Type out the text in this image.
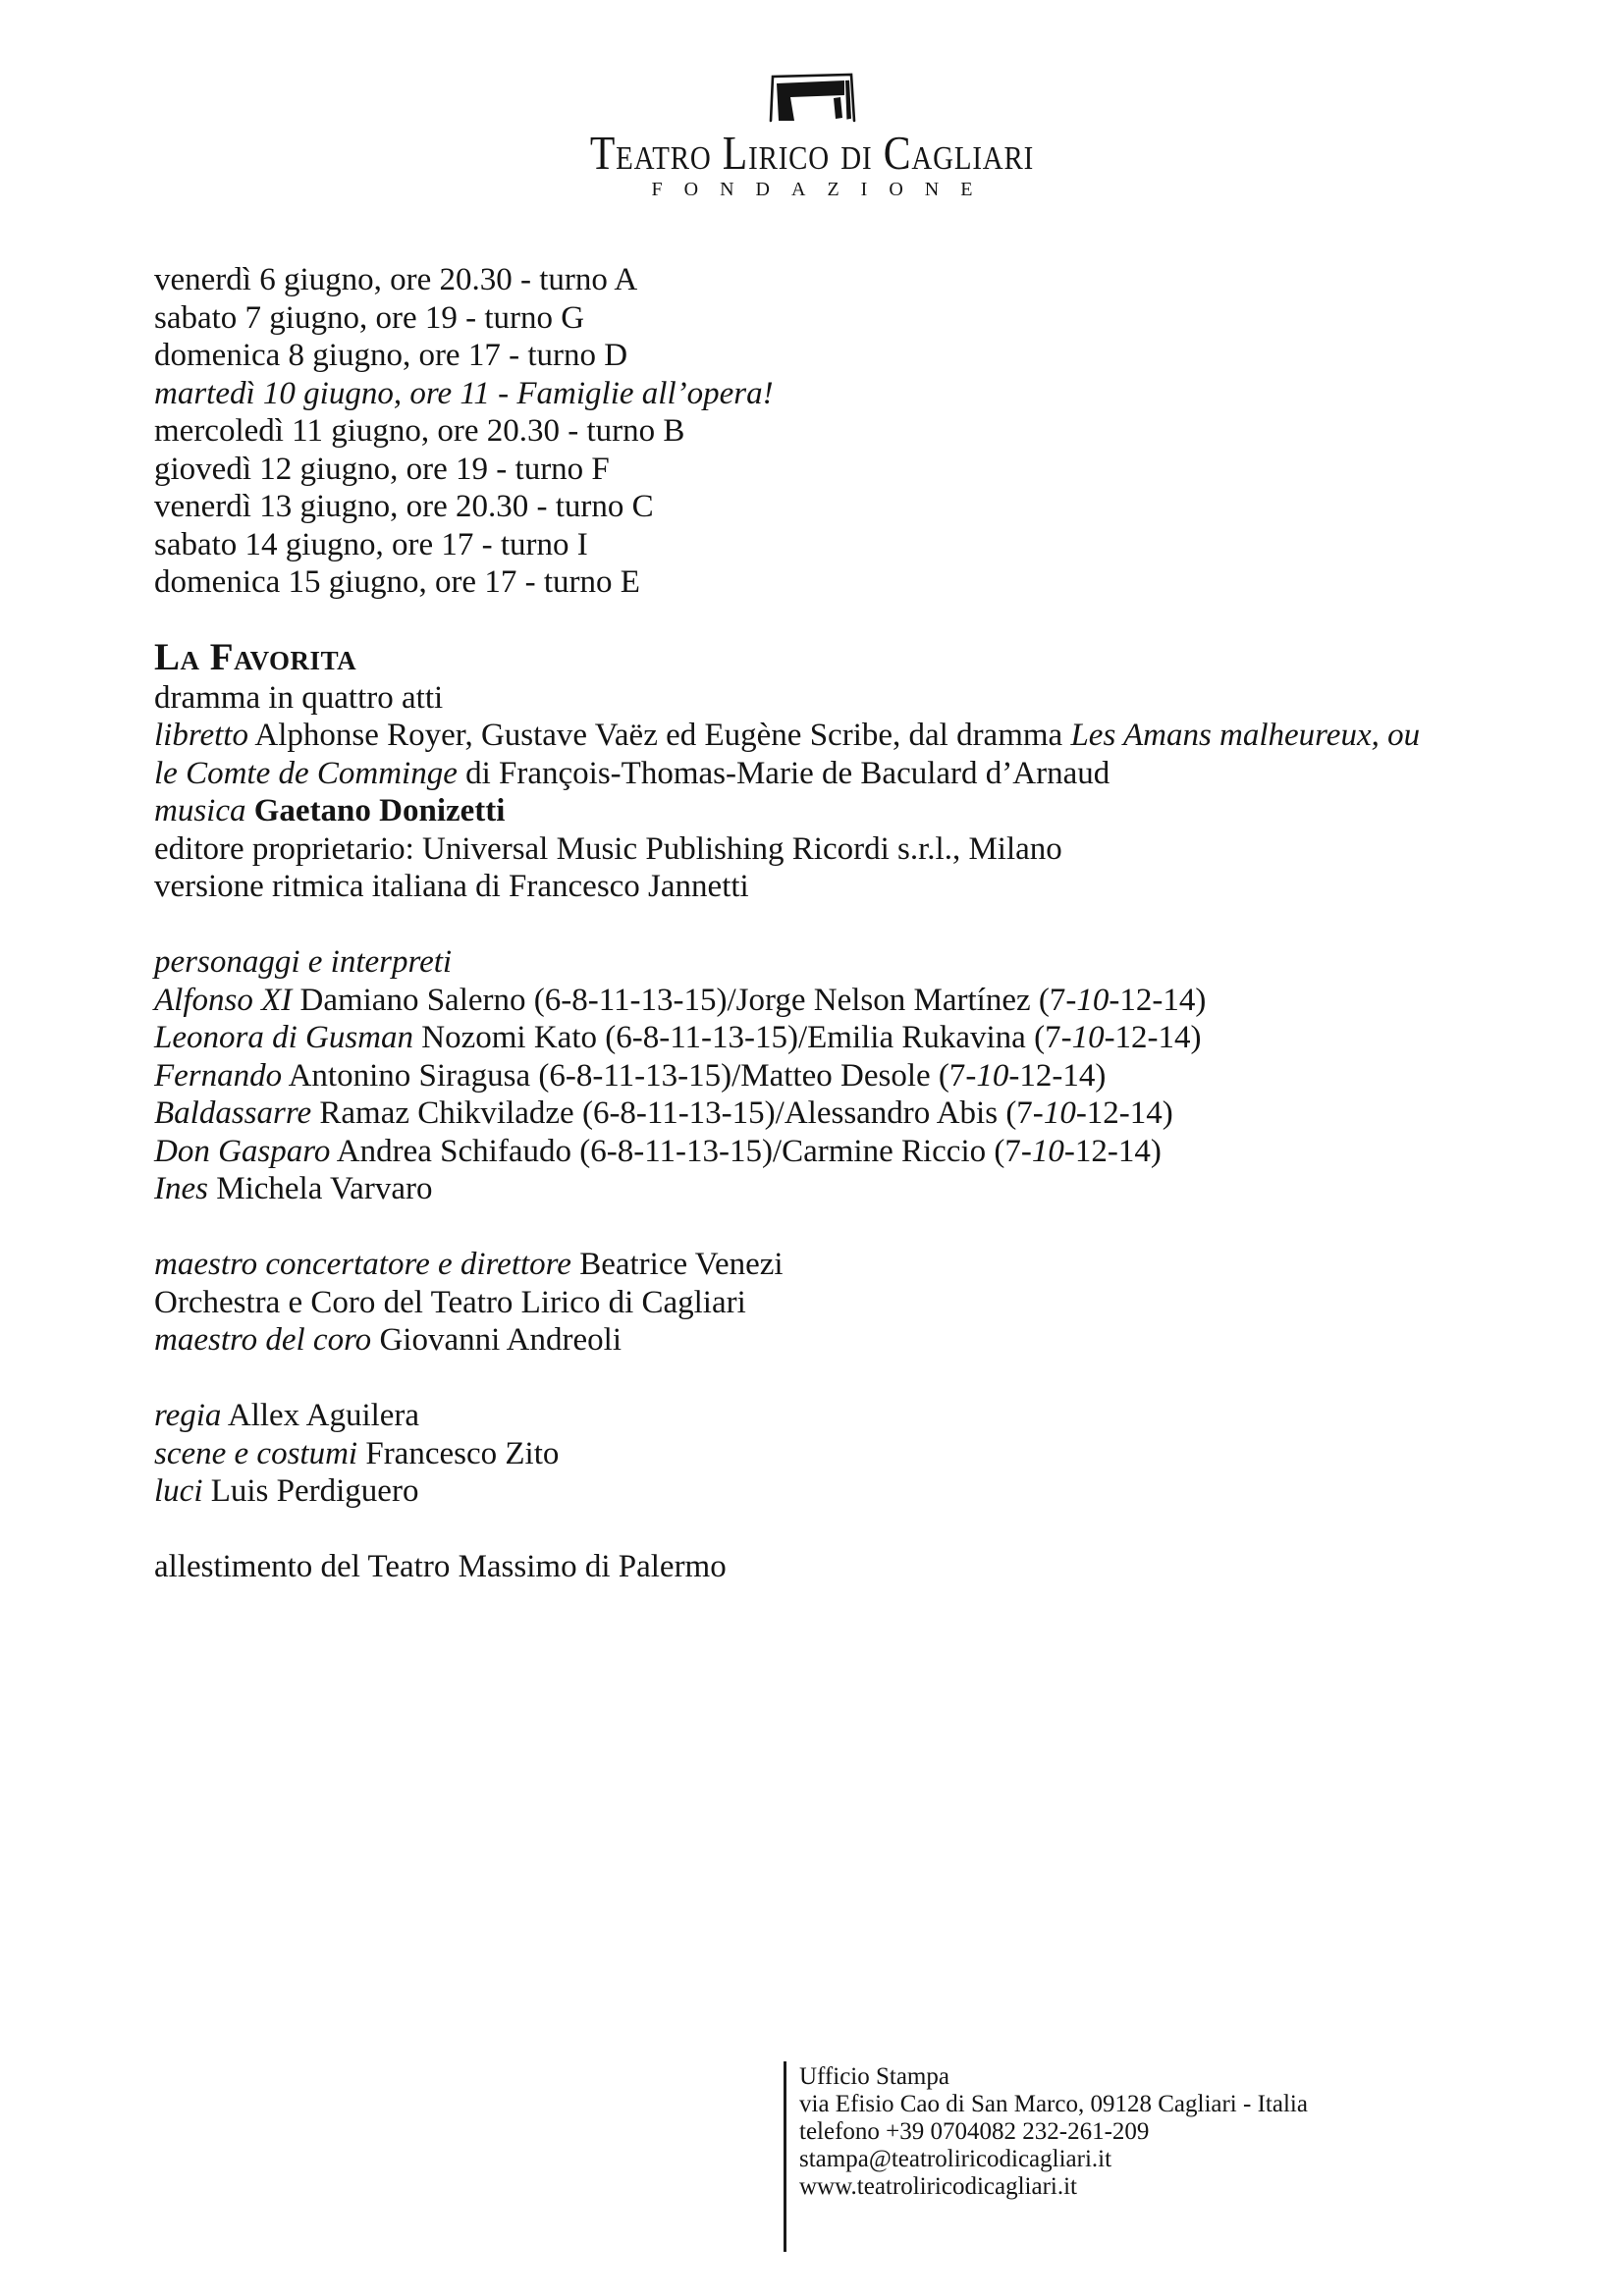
Teatro Lirico di Cagliari
FONDAZIONE
venerdì 6 giugno, ore 20.30 - turno A
sabato 7 giugno, ore 19 - turno G
domenica 8 giugno, ore 17 - turno D
martedì 10 giugno, ore 11 - Famiglie all’opera!
mercoledì 11 giugno, ore 20.30 - turno B
giovedì 12 giugno, ore 19 - turno F
venerdì 13 giugno, ore 20.30 - turno C
sabato 14 giugno, ore 17 - turno I
domenica 15 giugno, ore 17 - turno E
La Favorita
dramma in quattro atti
libretto Alphonse Royer, Gustave Vaëz ed Eugène Scribe, dal dramma Les Amans malheureux, ou
le Comte de Comminge di François-Thomas-Marie de Baculard d’Arnaud
musica Gaetano Donizetti
editore proprietario: Universal Music Publishing Ricordi s.r.l., Milano
versione ritmica italiana di Francesco Jannetti
personaggi e interpreti
Alfonso XI Damiano Salerno (6-8-11-13-15)/Jorge Nelson Martínez (7-10-12-14)
Leonora di Gusman Nozomi Kato (6-8-11-13-15)/Emilia Rukavina (7-10-12-14)
Fernando Antonino Siragusa (6-8-11-13-15)/Matteo Desole (7-10-12-14)
Baldassarre Ramaz Chikviladze (6-8-11-13-15)/Alessandro Abis (7-10-12-14)
Don Gasparo Andrea Schifaudo (6-8-11-13-15)/Carmine Riccio (7-10-12-14)
Ines Michela Varvaro
maestro concertatore e direttore Beatrice Venezi
Orchestra e Coro del Teatro Lirico di Cagliari
maestro del coro Giovanni Andreoli
regia Allex Aguilera
scene e costumi Francesco Zito
luci Luis Perdiguero
allestimento del Teatro Massimo di Palermo
Ufficio Stampa
via Efisio Cao di San Marco, 09128 Cagliari - Italia
telefono +39 0704082 232-261-209
stampa@teatroliricodicagliari.it
www.teatroliricodicagliari.it
